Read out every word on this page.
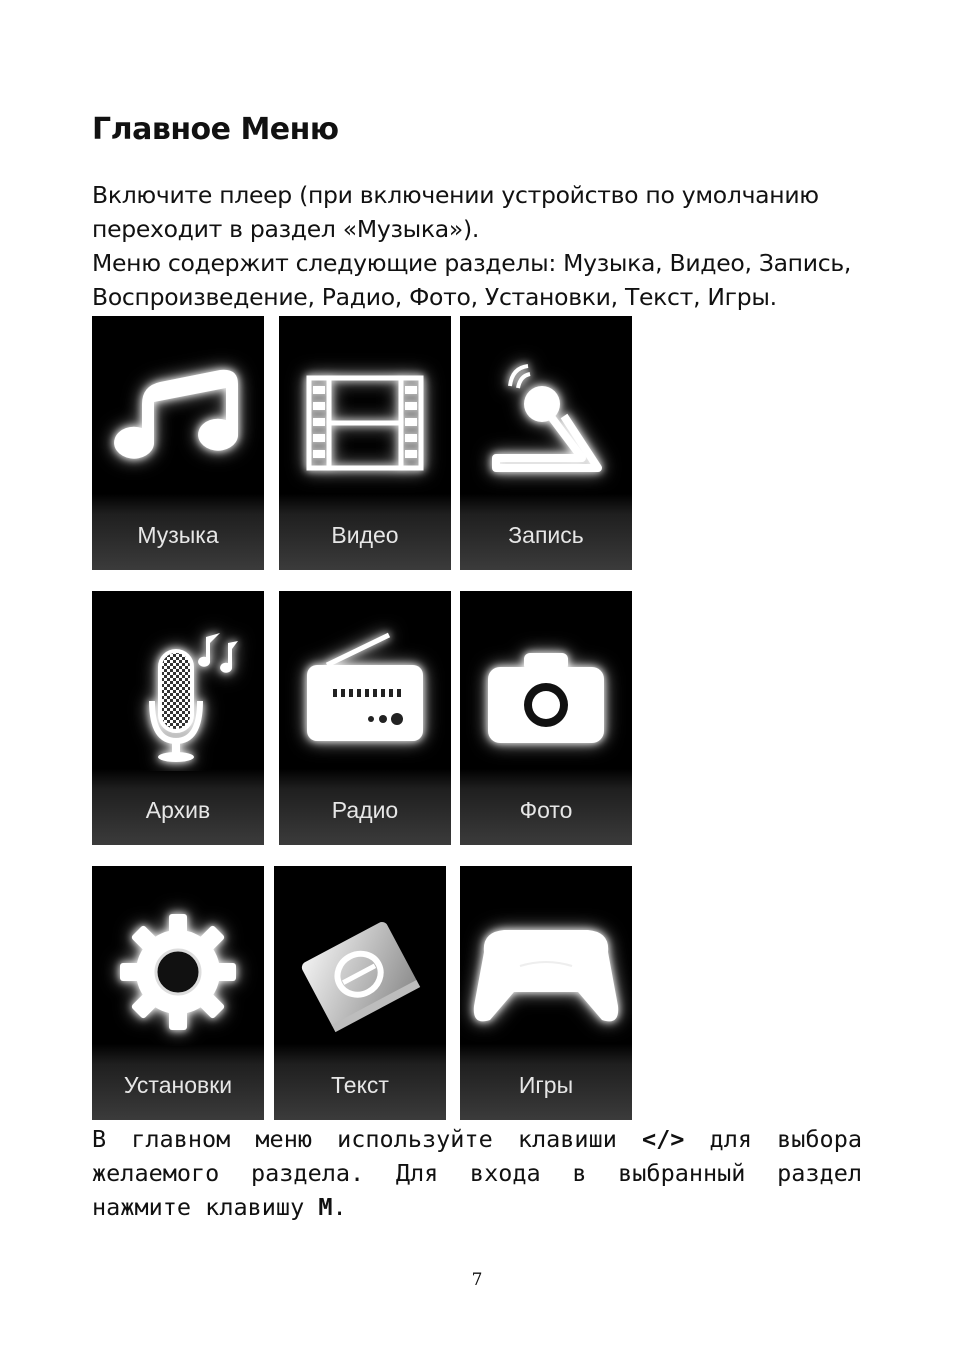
Главное Меню

Включите плеер (при включении устройство по умолчанию переходит в раздел «Музыка»).

Меню содержит следующие разделы: Музыка, Видео, Запись, Воспроизведение, Радио, Фото, Установки, Текст, Игры.

Музыка	Видео	Запись
Архив	Радио	Фото
Установки	Текст	Игры
В главном меню используйте клавиши </> для выбора желаемого раздела. Для входа в выбранный раздел нажмите клавишу М.
7
